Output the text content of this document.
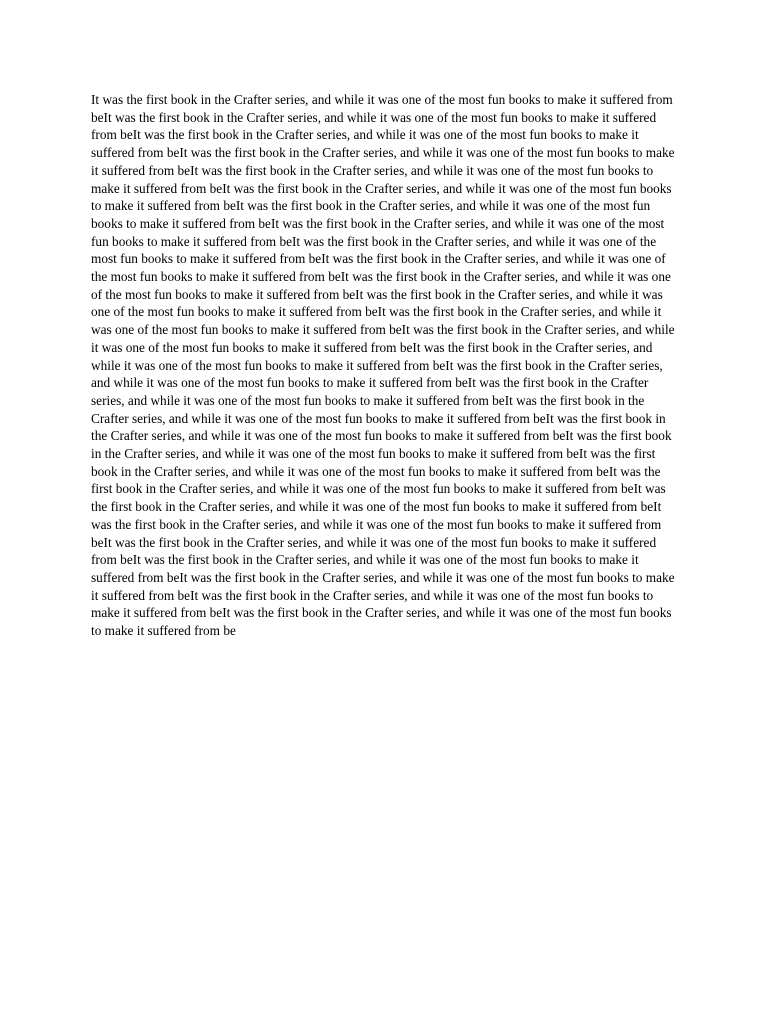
It was the first book in the Crafter series, and while it was one of the most fun books to make it suffered from beIt was the first book in the Crafter series, and while it was one of the most fun books to make it suffered from beIt was the first book in the Crafter series, and while it was one of the most fun books to make it suffered from beIt was the first book in the Crafter series, and while it was one of the most fun books to make it suffered from beIt was the first book in the Crafter series, and while it was one of the most fun books to make it suffered from beIt was the first book in the Crafter series, and while it was one of the most fun books to make it suffered from beIt was the first book in the Crafter series, and while it was one of the most fun books to make it suffered from beIt was the first book in the Crafter series, and while it was one of the most fun books to make it suffered from beIt was the first book in the Crafter series, and while it was one of the most fun books to make it suffered from beIt was the first book in the Crafter series, and while it was one of the most fun books to make it suffered from beIt was the first book in the Crafter series, and while it was one of the most fun books to make it suffered from beIt was the first book in the Crafter series, and while it was one of the most fun books to make it suffered from beIt was the first book in the Crafter series, and while it was one of the most fun books to make it suffered from beIt was the first book in the Crafter series, and while it was one of the most fun books to make it suffered from beIt was the first book in the Crafter series, and while it was one of the most fun books to make it suffered from beIt was the first book in the Crafter series, and while it was one of the most fun books to make it suffered from beIt was the first book in the Crafter series, and while it was one of the most fun books to make it suffered from beIt was the first book in the Crafter series, and while it was one of the most fun books to make it suffered from beIt was the first book in the Crafter series, and while it was one of the most fun books to make it suffered from beIt was the first book in the Crafter series, and while it was one of the most fun books to make it suffered from beIt was the first book in the Crafter series, and while it was one of the most fun books to make it suffered from beIt was the first book in the Crafter series, and while it was one of the most fun books to make it suffered from beIt was the first book in the Crafter series, and while it was one of the most fun books to make it suffered from beIt was the first book in the Crafter series, and while it was one of the most fun books to make it suffered from beIt was the first book in the Crafter series, and while it was one of the most fun books to make it suffered from beIt was the first book in the Crafter series, and while it was one of the most fun books to make it suffered from beIt was the first book in the Crafter series, and while it was one of the most fun books to make it suffered from beIt was the first book in the Crafter series, and while it was one of the most fun books to make it suffered from beIt was the first book in the Crafter series, and while it was one of the most fun books to make it suffered from be
